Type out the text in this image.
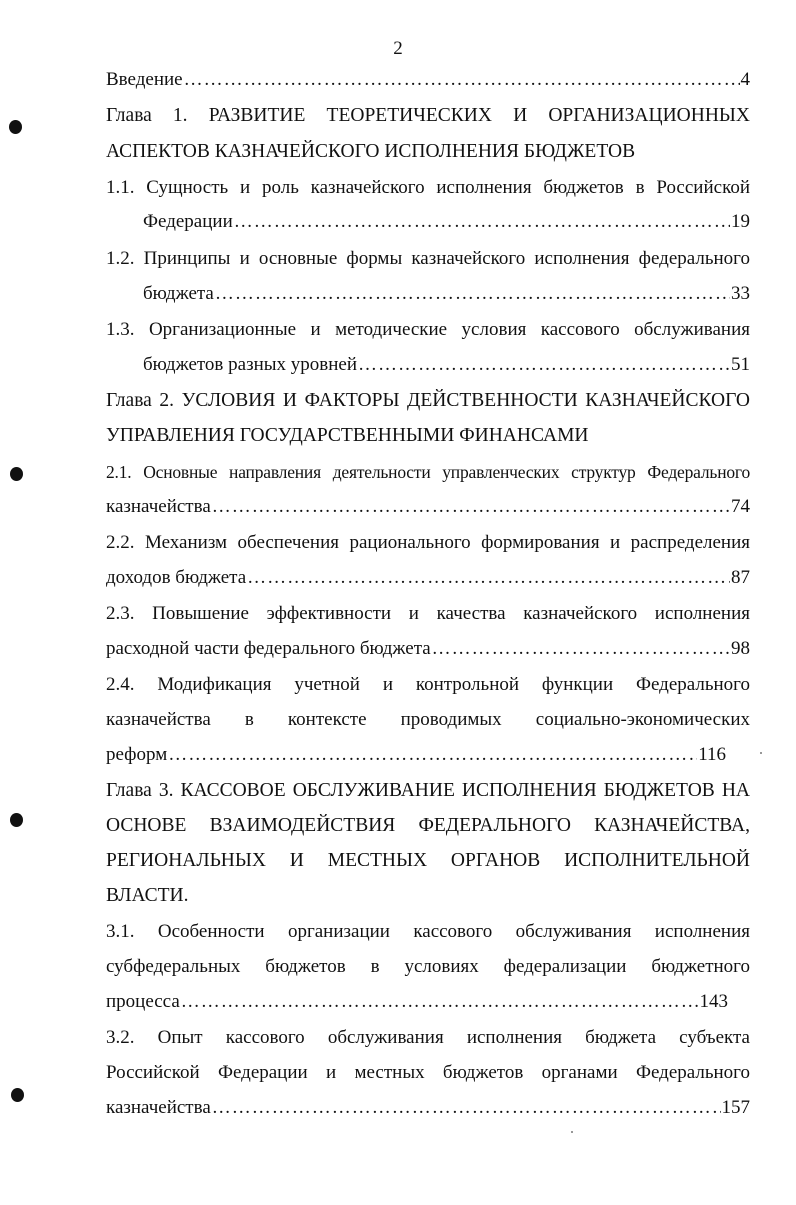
2
Введение …………………………………………………………………………………………………………………………………………………………………	4
Глава 1. РАЗВИТИЕ ТЕОРЕТИЧЕСКИХ И ОРГАНИЗАЦИОННЫХ
АСПЕКТОВ КАЗНАЧЕЙСКОГО ИСПОЛНЕНИЯ БЮДЖЕТОВ
1.1. Сущность и роль казначейского исполнения бюджетов в Российской
Федерации …………………………………………………………………………………………………………………………………………………………………	19
1.2. Принципы и основные формы казначейского исполнения федерального
бюджета …………………………………………………………………………………………………………………………………………………………………	33
1.3. Организационные и методические условия кассового обслуживания
бюджетов разных уровней …………………………………………………………………………………………………………………………………………………………………	51
Глава 2. УСЛОВИЯ И ФАКТОРЫ ДЕЙСТВЕННОСТИ КАЗНАЧЕЙСКОГО
УПРАВЛЕНИЯ ГОСУДАРСТВЕННЫМИ ФИНАНСАМИ
2.1. Основные направления деятельности управленческих структур Федерального
казначейства …………………………………………………………………………………………………………………………………………………………………	74
2.2. Механизм обеспечения рационального формирования и распределения
доходов бюджета …………………………………………………………………………………………………………………………………………………………………	87
2.3. Повышение эффективности и качества казначейского исполнения
расходной части федерального бюджета …………………………………………………………………………………………………………………………………………………………………	98
2.4. Модификация учетной и контрольной функции Федерального
казначейства в контексте проводимых социально-экономических
реформ …………………………………………………………………………………………………………………………………………………………………	116
Глава 3. КАССОВОЕ ОБСЛУЖИВАНИЕ ИСПОЛНЕНИЯ БЮДЖЕТОВ НА
ОСНОВЕ ВЗАИМОДЕЙСТВИЯ ФЕДЕРАЛЬНОГО КАЗНАЧЕЙСТВА,
РЕГИОНАЛЬНЫХ И МЕСТНЫХ ОРГАНОВ ИСПОЛНИТЕЛЬНОЙ
ВЛАСТИ.
3.1. Особенности организации кассового обслуживания исполнения
субфедеральных бюджетов в условиях федерализации бюджетного
процесса …………………………………………………………………………………………………………………………………………………………………	143
3.2. Опыт кассового обслуживания исполнения бюджета субъекта
Российской Федерации и местных бюджетов органами Федерального
казначейства …………………………………………………………………………………………………………………………………………………………………	157
